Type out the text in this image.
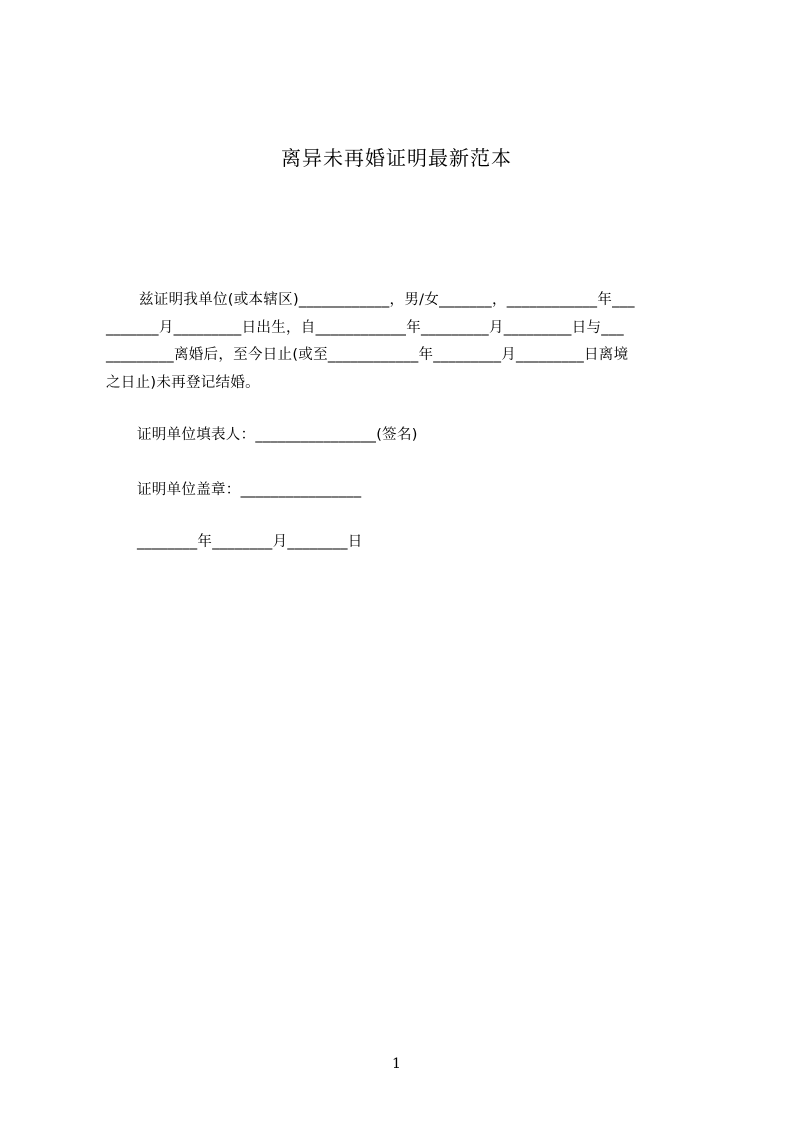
离异未再婚证明最新范本
兹证明我单位(或本辖区)____________，男/女_______，____________年___
_______月_________日出生，自____________年_________月_________日与___
_________离婚后，至今日止(或至____________年_________月_________日离境
之日止)未再登记结婚。
证明单位填表人：________________(签名)
证明单位盖章：________________
________年________月________日
1
